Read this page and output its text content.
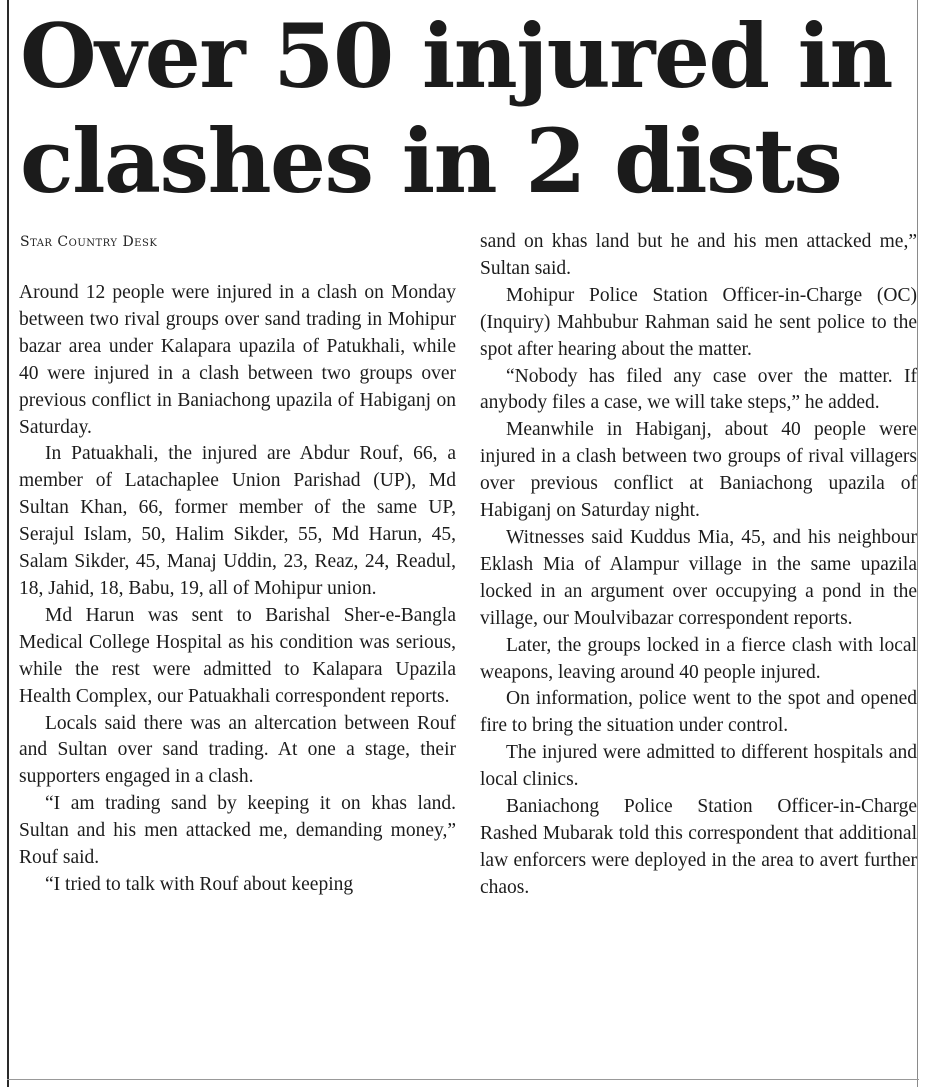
Over 50 injured in
clashes in 2 dists
Star Country Desk

Around 12 people were injured in a clash on Monday between two rival groups over sand trading in Mohipur bazar area under Kalapara upazila of Patukhali, while 40 were injured in a clash between two groups over previous conflict in Baniachong upazila of Habiganj on Saturday.

In Patuakhali, the injured are Abdur Rouf, 66, a member of Latachaplee Union Parishad (UP), Md Sultan Khan, 66, former member of the same UP, Serajul Islam, 50, Halim Sikder, 55, Md Harun, 45, Salam Sikder, 45, Manaj Uddin, 23, Reaz, 24, Readul, 18, Jahid, 18, Babu, 19, all of Mohipur union.

Md Harun was sent to Barishal Sher-e-Bangla Medical College Hospital as his condition was serious, while the rest were admitted to Kalapara Upazila Health Complex, our Patuakhali correspondent reports.

Locals said there was an altercation between Rouf and Sultan over sand trading. At one a stage, their supporters engaged in a clash.

“I am trading sand by keeping it on khas land. Sultan and his men attacked me, demanding money,” Rouf said.

“I tried to talk with Rouf about keeping

sand on khas land but he and his men attacked me,” Sultan said.

Mohipur Police Station Officer-in-Charge (OC) (Inquiry) Mahbubur Rahman said he sent police to the spot after hearing about the matter.

“Nobody has filed any case over the matter. If anybody files a case, we will take steps,” he added.

Meanwhile in Habiganj, about 40 people were injured in a clash between two groups of rival villagers over previous conflict at Baniachong upazila of Habiganj on Saturday night.

Witnesses said Kuddus Mia, 45, and his neighbour Eklash Mia of Alampur village in the same upazila locked in an argument over occupying a pond in the village, our Moulvibazar correspondent reports.

Later, the groups locked in a fierce clash with local weapons, leaving around 40 people injured.

On information, police went to the spot and opened fire to bring the situation under control.

The injured were admitted to different hospitals and local clinics.

Baniachong Police Station Officer-in-Charge Rashed Mubarak told this correspondent that additional law enforcers were deployed in the area to avert further chaos.
